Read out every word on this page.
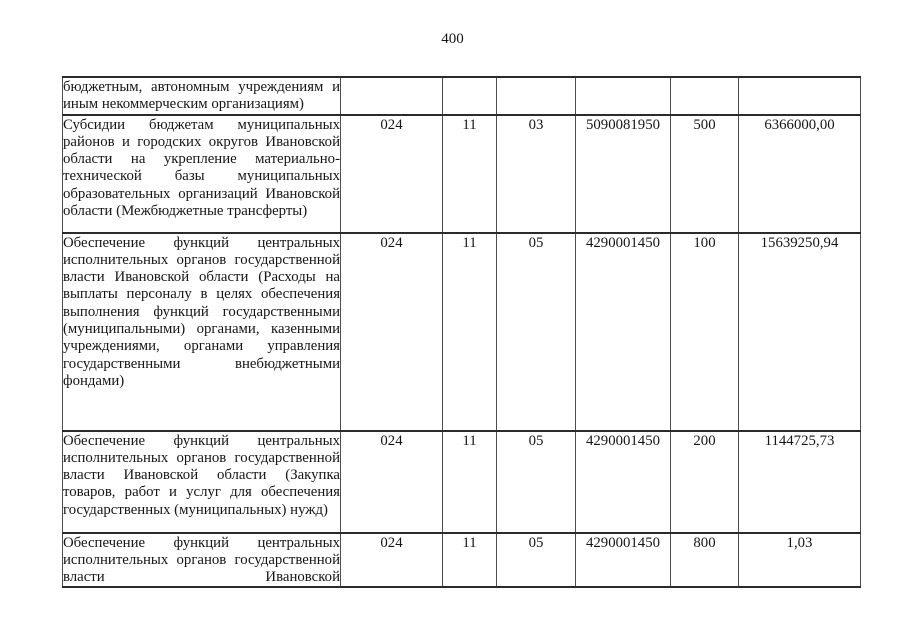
400
бюджетным, автономным учреждениям и иным некоммерческим организациям)						
Субсидии бюджетам муниципальных районов и городских округов Ивановской области на укрепление материально-технической базы муниципальных образовательных организаций Ивановской области (Межбюджетные трансферты)	024	11	03	5090081950	500	6366000,00
Обеспечение функций центральных исполнительных органов государственной власти Ивановской области (Расходы на выплаты персоналу в целях обеспечения выполнения функций государственными (муниципальными) органами, казенными учреждениями, органами управления государственными внебюджетными фондами)	024	11	05	4290001450	100	15639250,94
Обеспечение функций центральных исполнительных органов государственной власти Ивановской области (Закупка товаров, работ и услуг для обеспечения государственных (муниципальных) нужд)	024	11	05	4290001450	200	1144725,73

Обеспечение функций центральных исполнительных органов государственной власти Ивановской	024	11	05	4290001450	800	1,03
